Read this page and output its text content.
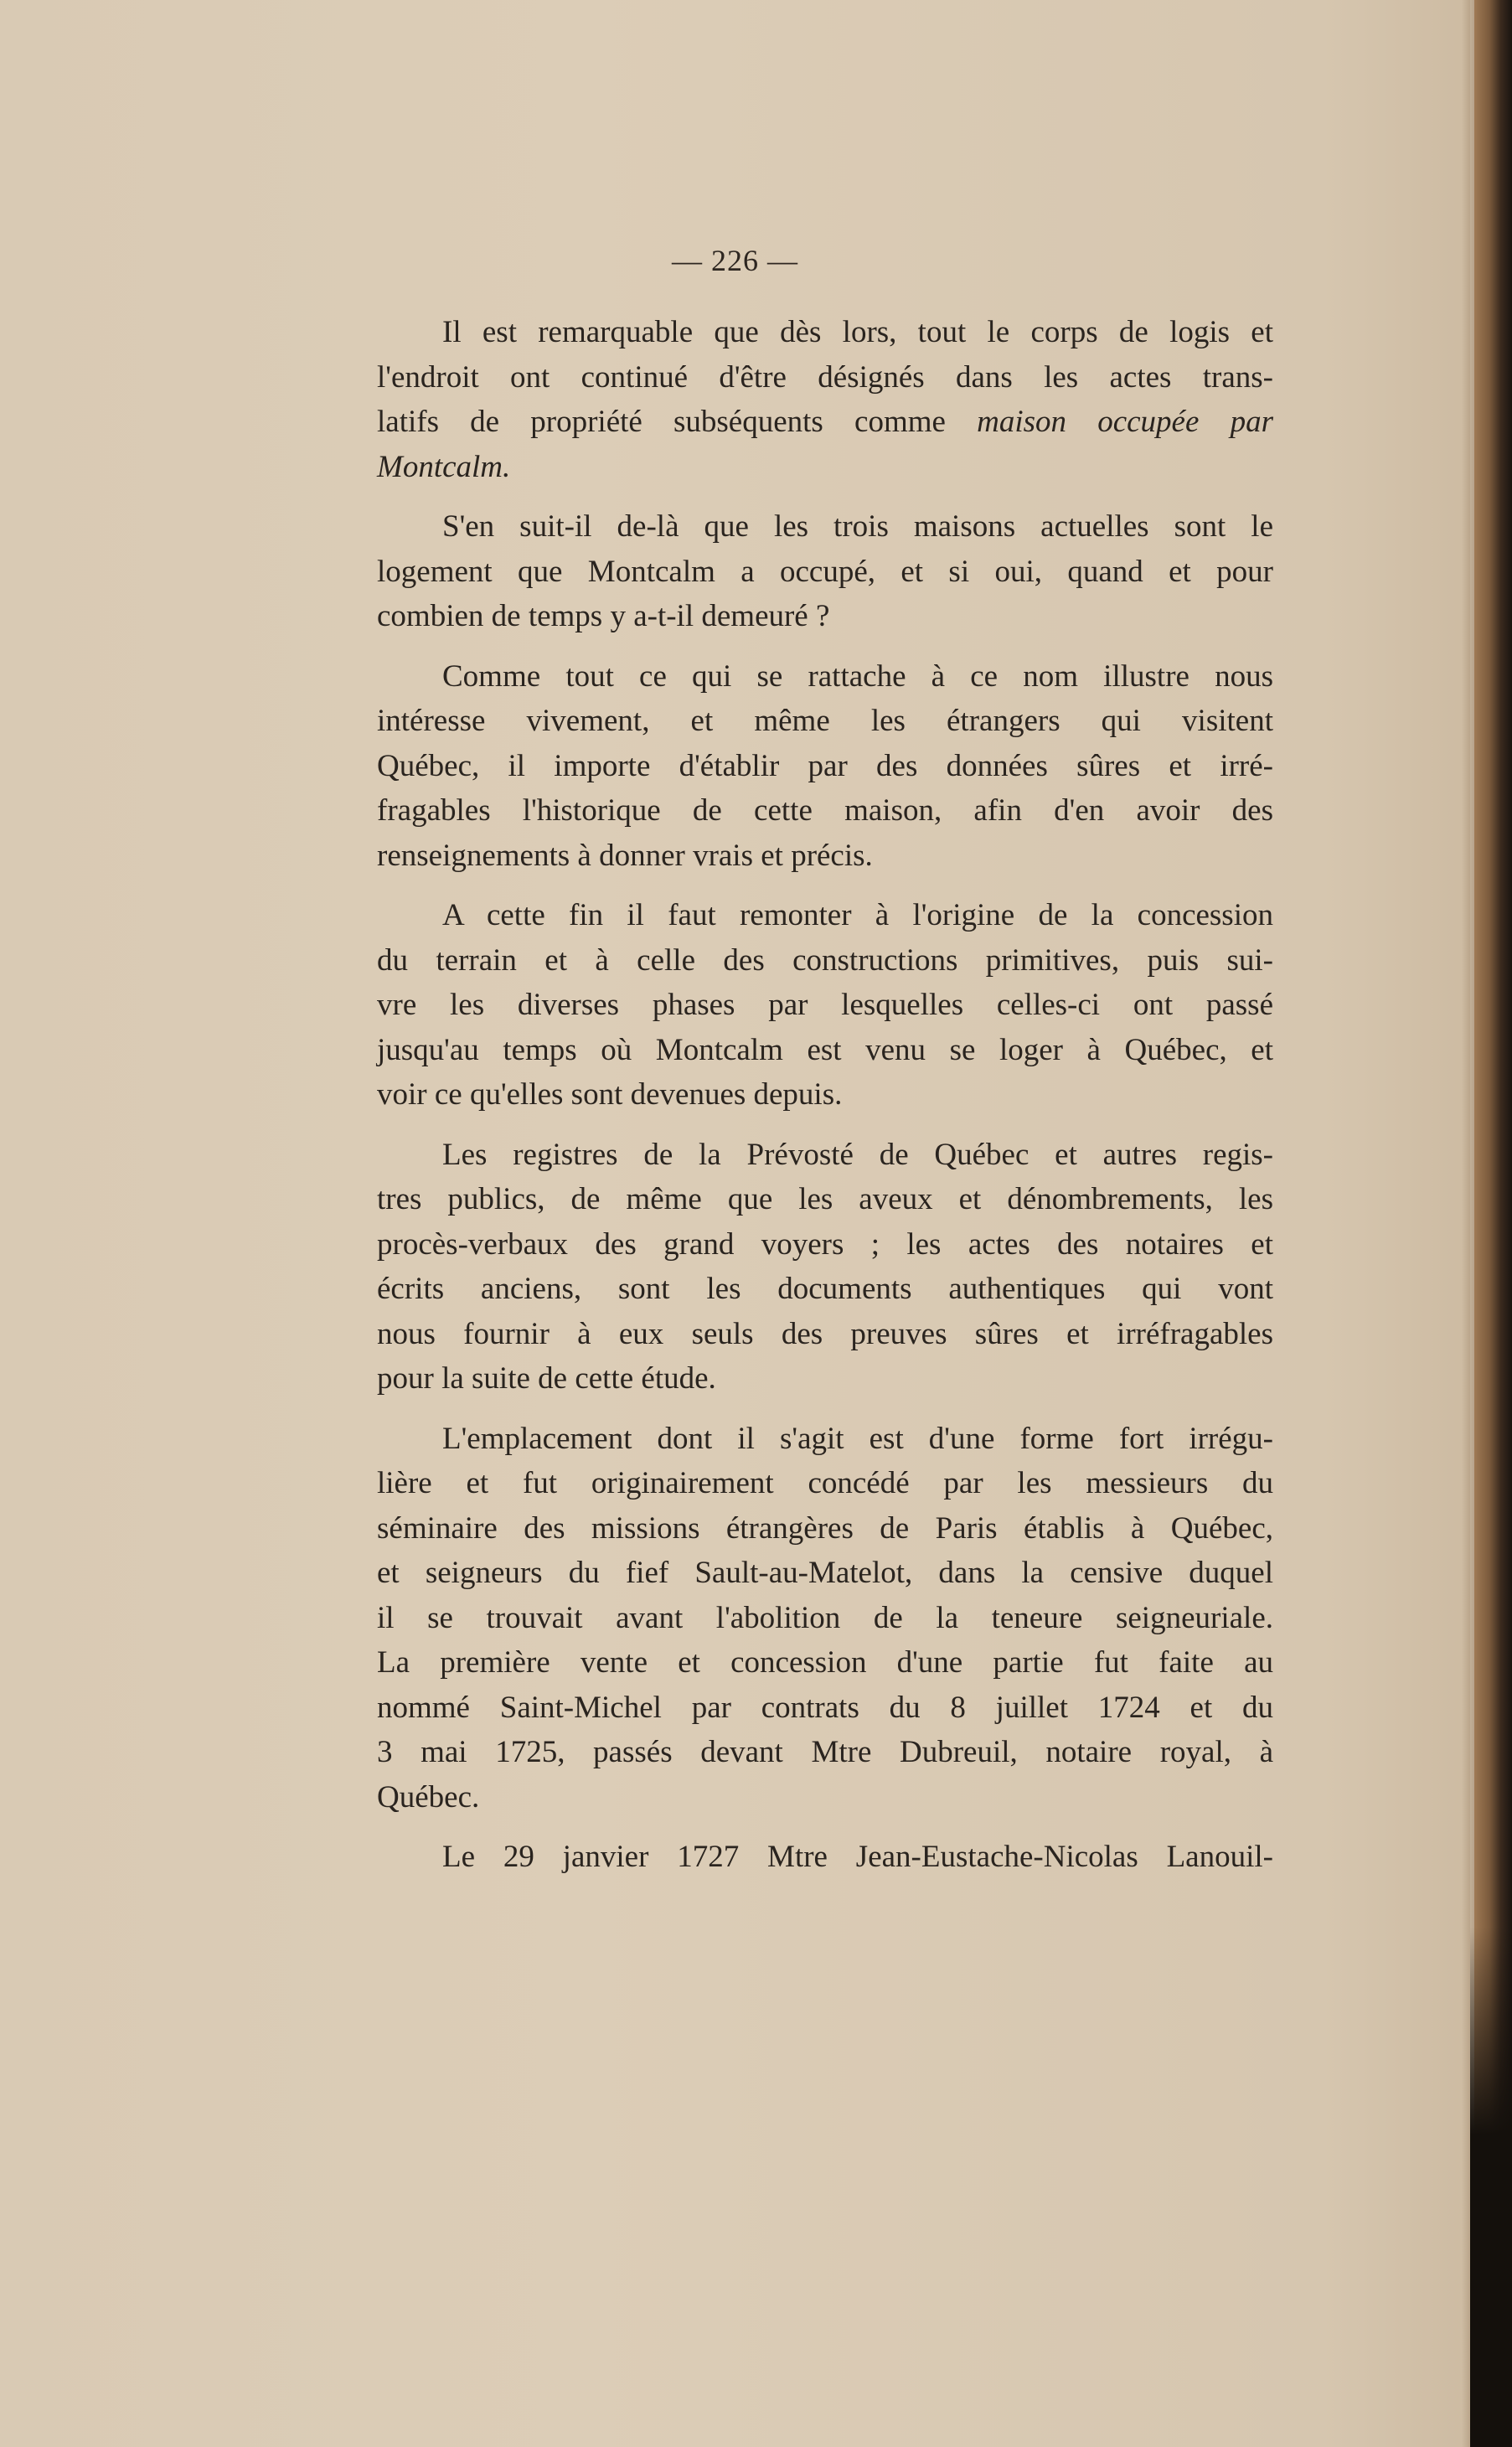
— 226 —

Il est remarquable que dès lors, tout le corps de logis et
l'endroit ont continué d'être désignés dans les actes trans-
latifs de propriété subséquents comme maison occupée par
Montcalm.

S'en suit-il de-là que les trois maisons actuelles sont le
logement que Montcalm a occupé, et si oui, quand et pour
combien de temps y a-t-il demeuré ?

Comme tout ce qui se rattache à ce nom illustre nous
intéresse vivement, et même les étrangers qui visitent
Québec, il importe d'établir par des données sûres et irré-
fragables l'historique de cette maison, afin d'en avoir des
renseignements à donner vrais et précis.

A cette fin il faut remonter à l'origine de la concession
du terrain et à celle des constructions primitives, puis sui-
vre les diverses phases par lesquelles celles-ci ont passé
jusqu'au temps où Montcalm est venu se loger à Québec, et
voir ce qu'elles sont devenues depuis.

Les registres de la Prévosté de Québec et autres regis-
tres publics, de même que les aveux et dénombrements, les
procès-verbaux des grand voyers ; les actes des notaires et
écrits anciens, sont les documents authentiques qui vont
nous fournir à eux seuls des preuves sûres et irréfragables
pour la suite de cette étude.

L'emplacement dont il s'agit est d'une forme fort irrégu-
lière et fut originairement concédé par les messieurs du
séminaire des missions étrangères de Paris établis à Québec,
et seigneurs du fief Sault-au-Matelot, dans la censive duquel
il se trouvait avant l'abolition de la teneure seigneuriale.
La première vente et concession d'une partie fut faite au
nommé Saint-Michel par contrats du 8 juillet 1724 et du
3 mai 1725, passés devant Mtre Dubreuil, notaire royal, à
Québec.

Le 29 janvier 1727 Mtre Jean-Eustache-Nicolas Lanouil-
